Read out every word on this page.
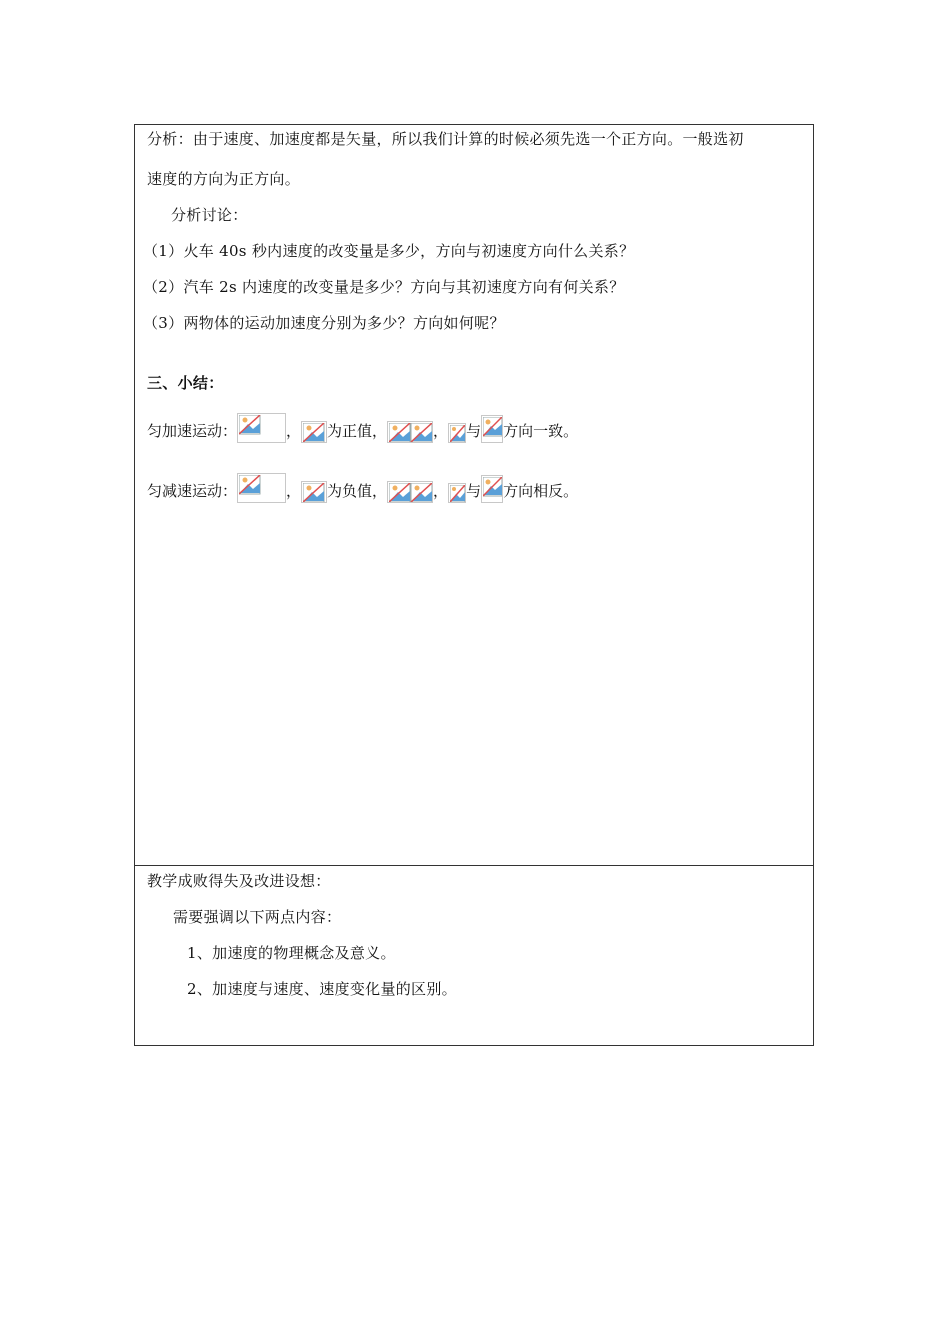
分析：由于速度、加速度都是矢量，所以我们计算的时候必须先选一个正方向。一般选初
速度的方向为正方向。
分析讨论：
（1）火车 40s 秒内速度的改变量是多少，方向与初速度方向什么关系？
（2）汽车 2s 内速度的改变量是多少？方向与其初速度方向有何关系？
（3）两物体的运动加速度分别为多少？方向如何呢？
三、小结：
匀加速运动：	， 为正值，	， 与 方向一致。
匀减速运动：	， 为负值，	， 与 方向相反。
教学成败得失及改进设想：
需要强调以下两点内容：
1、加速度的物理概念及意义。
2、加速度与速度、速度变化量的区别。
